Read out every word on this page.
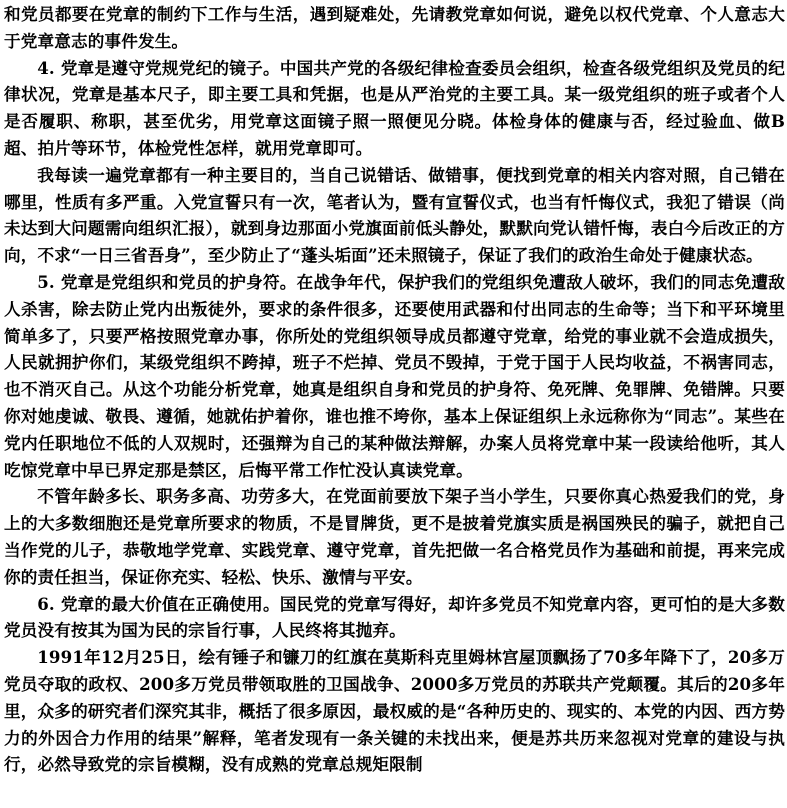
和党员都要在党章的制约下工作与生活，遇到疑难处，先请教党章如何说，避免以权代党章、个人意志大于党章意志的事件发生。

4. 党章是遵守党规党纪的镜子。中国共产党的各级纪律检查委员会组织，检查各级党组织及党员的纪律状况，党章是基本尺子，即主要工具和凭据，也是从严治党的主要工具。某一级党组织的班子或者个人是否履职、称职，甚至优劣，用党章这面镜子照一照便见分晓。体检身体的健康与否，经过验血、做B超、拍片等环节，体检党性怎样，就用党章即可。

我每读一遍党章都有一种主要目的，当自己说错话、做错事，便找到党章的相关内容对照，自己错在哪里，性质有多严重。入党宣誓只有一次，笔者认为，暨有宣誓仪式，也当有忏悔仪式，我犯了错误（尚未达到大问题需向组织汇报），就到身边那面小党旗面前低头静处，默默向党认错忏悔，表白今后改正的方向，不求“一日三省吾身”，至少防止了“蓬头垢面”还未照镜子，保证了我们的政治生命处于健康状态。

5. 党章是党组织和党员的护身符。在战争年代，保护我们的党组织免遭敌人破坏，我们的同志免遭敌人杀害，除去防止党内出叛徒外，要求的条件很多，还要使用武器和付出同志的生命等；当下和平环境里简单多了，只要严格按照党章办事，你所处的党组织领导成员都遵守党章，给党的事业就不会造成损失，人民就拥护你们，某级党组织不跨掉，班子不烂掉、党员不毁掉，于党于国于人民均收益，不祸害同志，也不消灭自己。从这个功能分析党章，她真是组织自身和党员的护身符、免死牌、免罪牌、免错牌。只要你对她虔诚、敬畏、遵循，她就佑护着你，谁也推不垮你，基本上保证组织上永远称你为“同志”。某些在党内任职地位不低的人双规时，还强辩为自己的某种做法辩解，办案人员将党章中某一段读给他听，其人吃惊党章中早已界定那是禁区，后悔平常工作忙没认真读党章。

不管年龄多长、职务多高、功劳多大，在党面前要放下架子当小学生，只要你真心热爱我们的党，身上的大多数细胞还是党章所要求的物质，不是冒牌货，更不是披着党旗实质是祸国殃民的骗子，就把自己当作党的儿子，恭敬地学党章、实践党章、遵守党章，首先把做一名合格党员作为基础和前提，再来完成你的责任担当，保证你充实、轻松、快乐、激情与平安。

6. 党章的最大价值在正确使用。国民党的党章写得好，却许多党员不知党章内容，更可怕的是大多数党员没有按其为国为民的宗旨行事，人民终将其抛弃。

1991年12月25日，绘有锤子和镰刀的红旗在莫斯科克里姆林宫屋顶飘扬了70多年降下了，20多万党员夺取的政权、200多万党员带领取胜的卫国战争、2000多万党员的苏联共产党颠覆。其后的20多年里，众多的研究者们深究其非，概括了很多原因，最权威的是“各种历史的、现实的、本党的内因、西方势力的外因合力作用的结果”解释，笔者发现有一条关键的未找出来，便是苏共历来忽视对党章的建设与执行，必然导致党的宗旨模糊，没有成熟的党章总规矩限制
